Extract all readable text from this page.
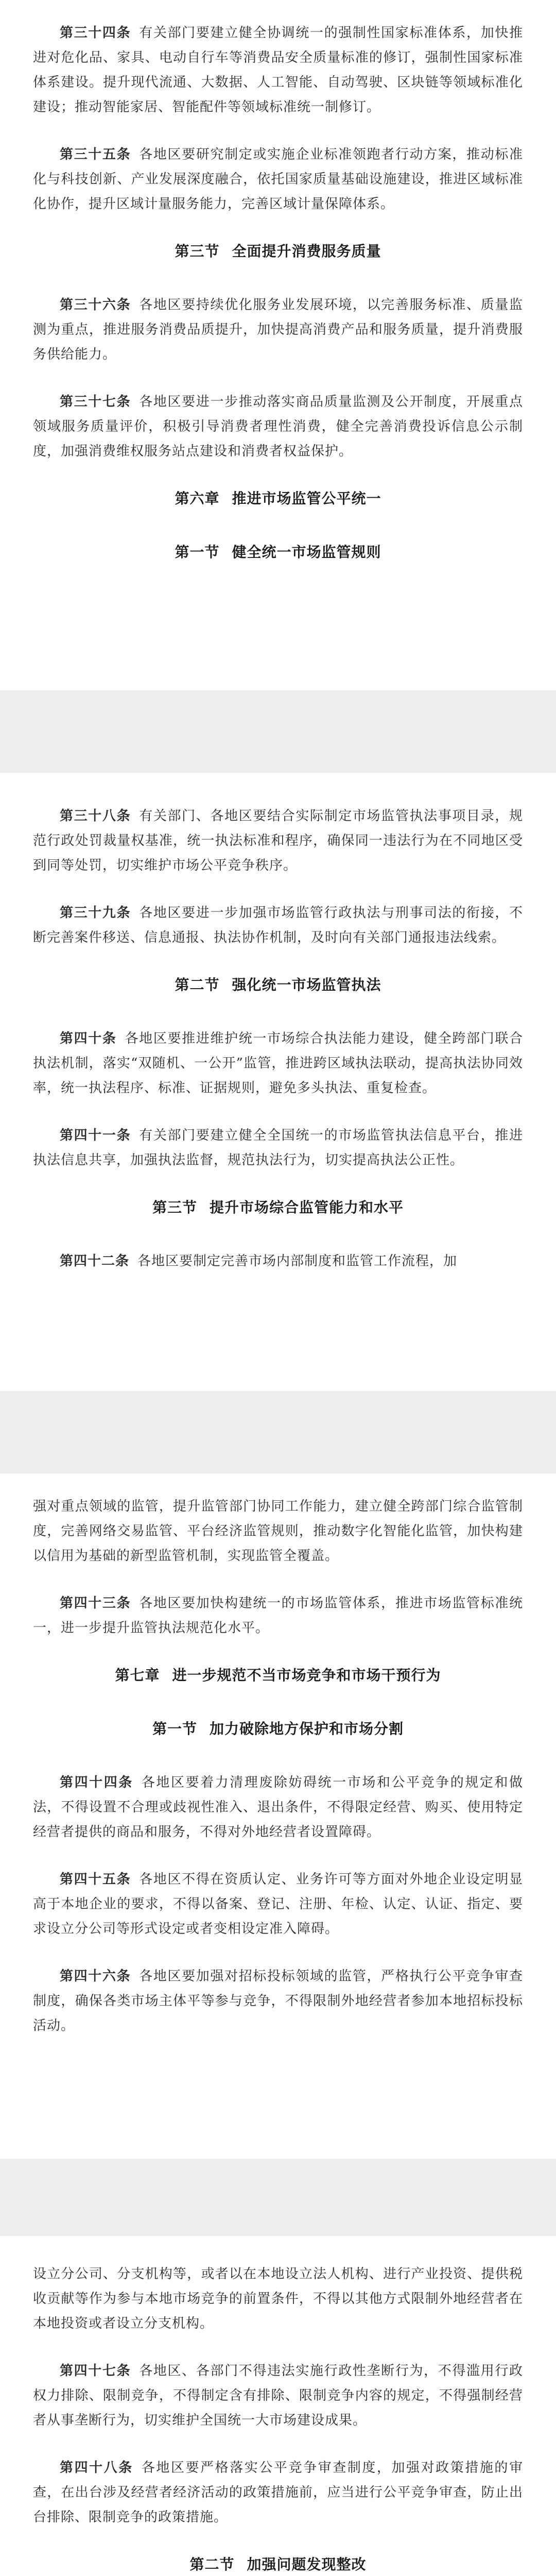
第三十四条 有关部门要建立健全协调统一的强制性国家标准体系，加快推进对危化品、家具、电动自行车等消费品安全质量标准的修订，强制性国家标准体系建设。提升现代流通、大数据、人工智能、自动驾驶、区块链等领域标准化建设；推动智能家居、智能配件等领域标准统一制修订。

第三十五条 各地区要研究制定或实施企业标准领跑者行动方案，推动标准化与科技创新、产业发展深度融合，依托国家质量基础设施建设，推进区域标准化协作，提升区域计量服务能力，完善区域计量保障体系。

第三节 全面提升消费服务质量

第三十六条 各地区要持续优化服务业发展环境，以完善服务标准、质量监测为重点，推进服务消费品质提升，加快提高消费产品和服务质量，提升消费服务供给能力。

第三十七条 各地区要进一步推动落实商品质量监测及公开制度，开展重点领域服务质量评价，积极引导消费者理性消费，健全完善消费投诉信息公示制度，加强消费维权服务站点建设和消费者权益保护。

第六章 推进市场监管公平统一
第一节 健全统一市场监管规则

第三十八条 有关部门、各地区要结合实际制定市场监管执法事项目录，规范行政处罚裁量权基准，统一执法标准和程序，确保同一违法行为在不同地区受到同等处罚，切实维护市场公平竞争秩序。

第三十九条 各地区要进一步加强市场监管行政执法与刑事司法的衔接，不断完善案件移送、信息通报、执法协作机制，及时向有关部门通报违法线索。

第二节 强化统一市场监管执法

第四十条 各地区要推进维护统一市场综合执法能力建设，健全跨部门联合执法机制，落实“双随机、一公开”监管，推进跨区域执法联动，提高执法协同效率，统一执法程序、标准、证据规则，避免多头执法、重复检查。

第四十一条 有关部门要建立健全全国统一的市场监管执法信息平台，推进执法信息共享，加强执法监督，规范执法行为，切实提高执法公正性。

第三节 提升市场综合监管能力和水平

第四十二条 各地区要制定完善市场内部制度和监管工作流程，加

强对重点领域的监管，提升监管部门协同工作能力，建立健全跨部门综合监管制度，完善网络交易监管、平台经济监管规则，推动数字化智能化监管，加快构建以信用为基础的新型监管机制，实现监管全覆盖。

第四十三条 各地区要加快构建统一的市场监管体系，推进市场监管标准统一，进一步提升监管执法规范化水平。

第七章 进一步规范不当市场竞争和市场干预行为
第一节 加力破除地方保护和市场分割

第四十四条 各地区要着力清理废除妨碍统一市场和公平竞争的规定和做法，不得设置不合理或歧视性准入、退出条件，不得限定经营、购买、使用特定经营者提供的商品和服务，不得对外地经营者设置障碍。

第四十五条 各地区不得在资质认定、业务许可等方面对外地企业设定明显高于本地企业的要求，不得以备案、登记、注册、年检、认定、认证、指定、要求设立分公司等形式设定或者变相设定准入障碍。

第四十六条 各地区要加强对招标投标领域的监管，严格执行公平竞争审查制度，确保各类市场主体平等参与竞争，不得限制外地经营者参加本地招标投标活动。

设立分公司、分支机构等，或者以在本地设立法人机构、进行产业投资、提供税收贡献等作为参与本地市场竞争的前置条件，不得以其他方式限制外地经营者在本地投资或者设立分支机构。

第四十七条 各地区、各部门不得违法实施行政性垄断行为，不得滥用行政权力排除、限制竞争，不得制定含有排除、限制竞争内容的规定，不得强制经营者从事垄断行为，切实维护全国统一大市场建设成果。

第四十八条 各地区要严格落实公平竞争审查制度，加强对政策措施的审查，在出台涉及经营者经济活动的政策措施前，应当进行公平竞争审查，防止出台排除、限制竞争的政策措施。

第二节 加强问题发现整改
